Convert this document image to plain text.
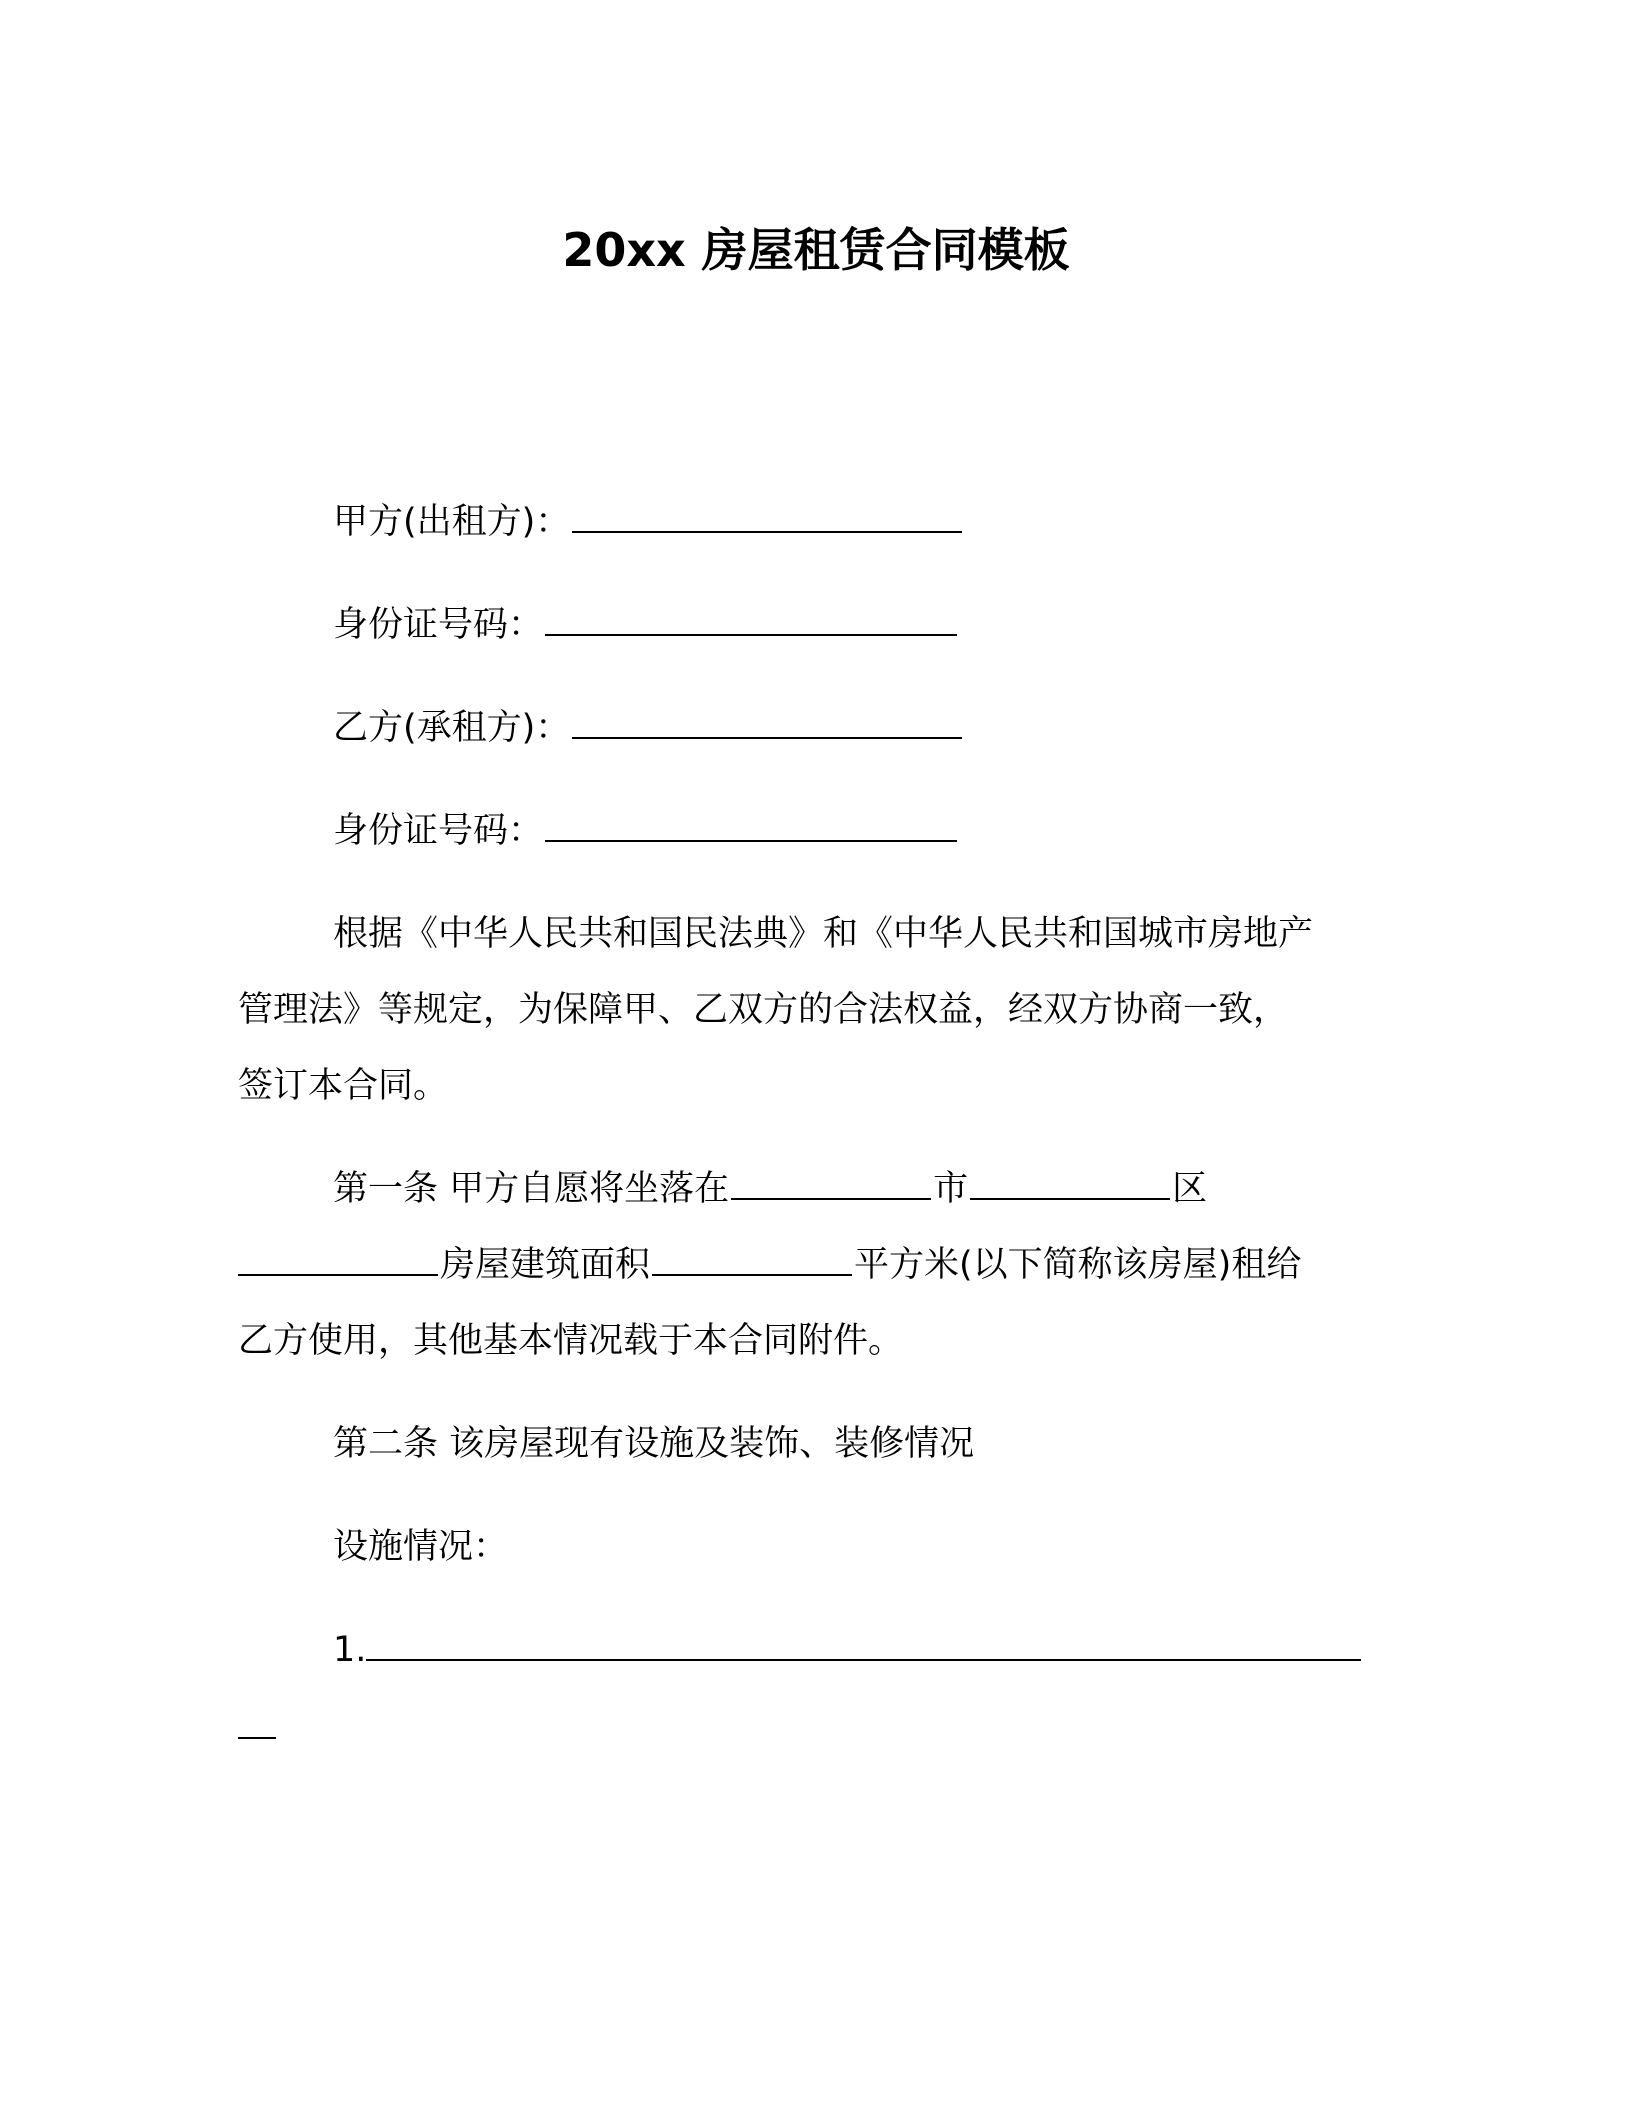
20xx 房屋租赁合同模板
甲方(出租方)：
身份证号码：
乙方(承租方)：
身份证号码：
根据《中华人民共和国民法典》和《中华人民共和国城市房地产
管理法》等规定，为保障甲、乙双方的合法权益，经双方协商一致，
签订本合同。
第一条 甲方自愿将坐落在	市	区
房屋建筑面积	平方米(以下简称该房屋)租给
乙方使用，其他基本情况载于本合同附件。
第二条 该房屋现有设施及装饰、装修情况
设施情况：
1.
